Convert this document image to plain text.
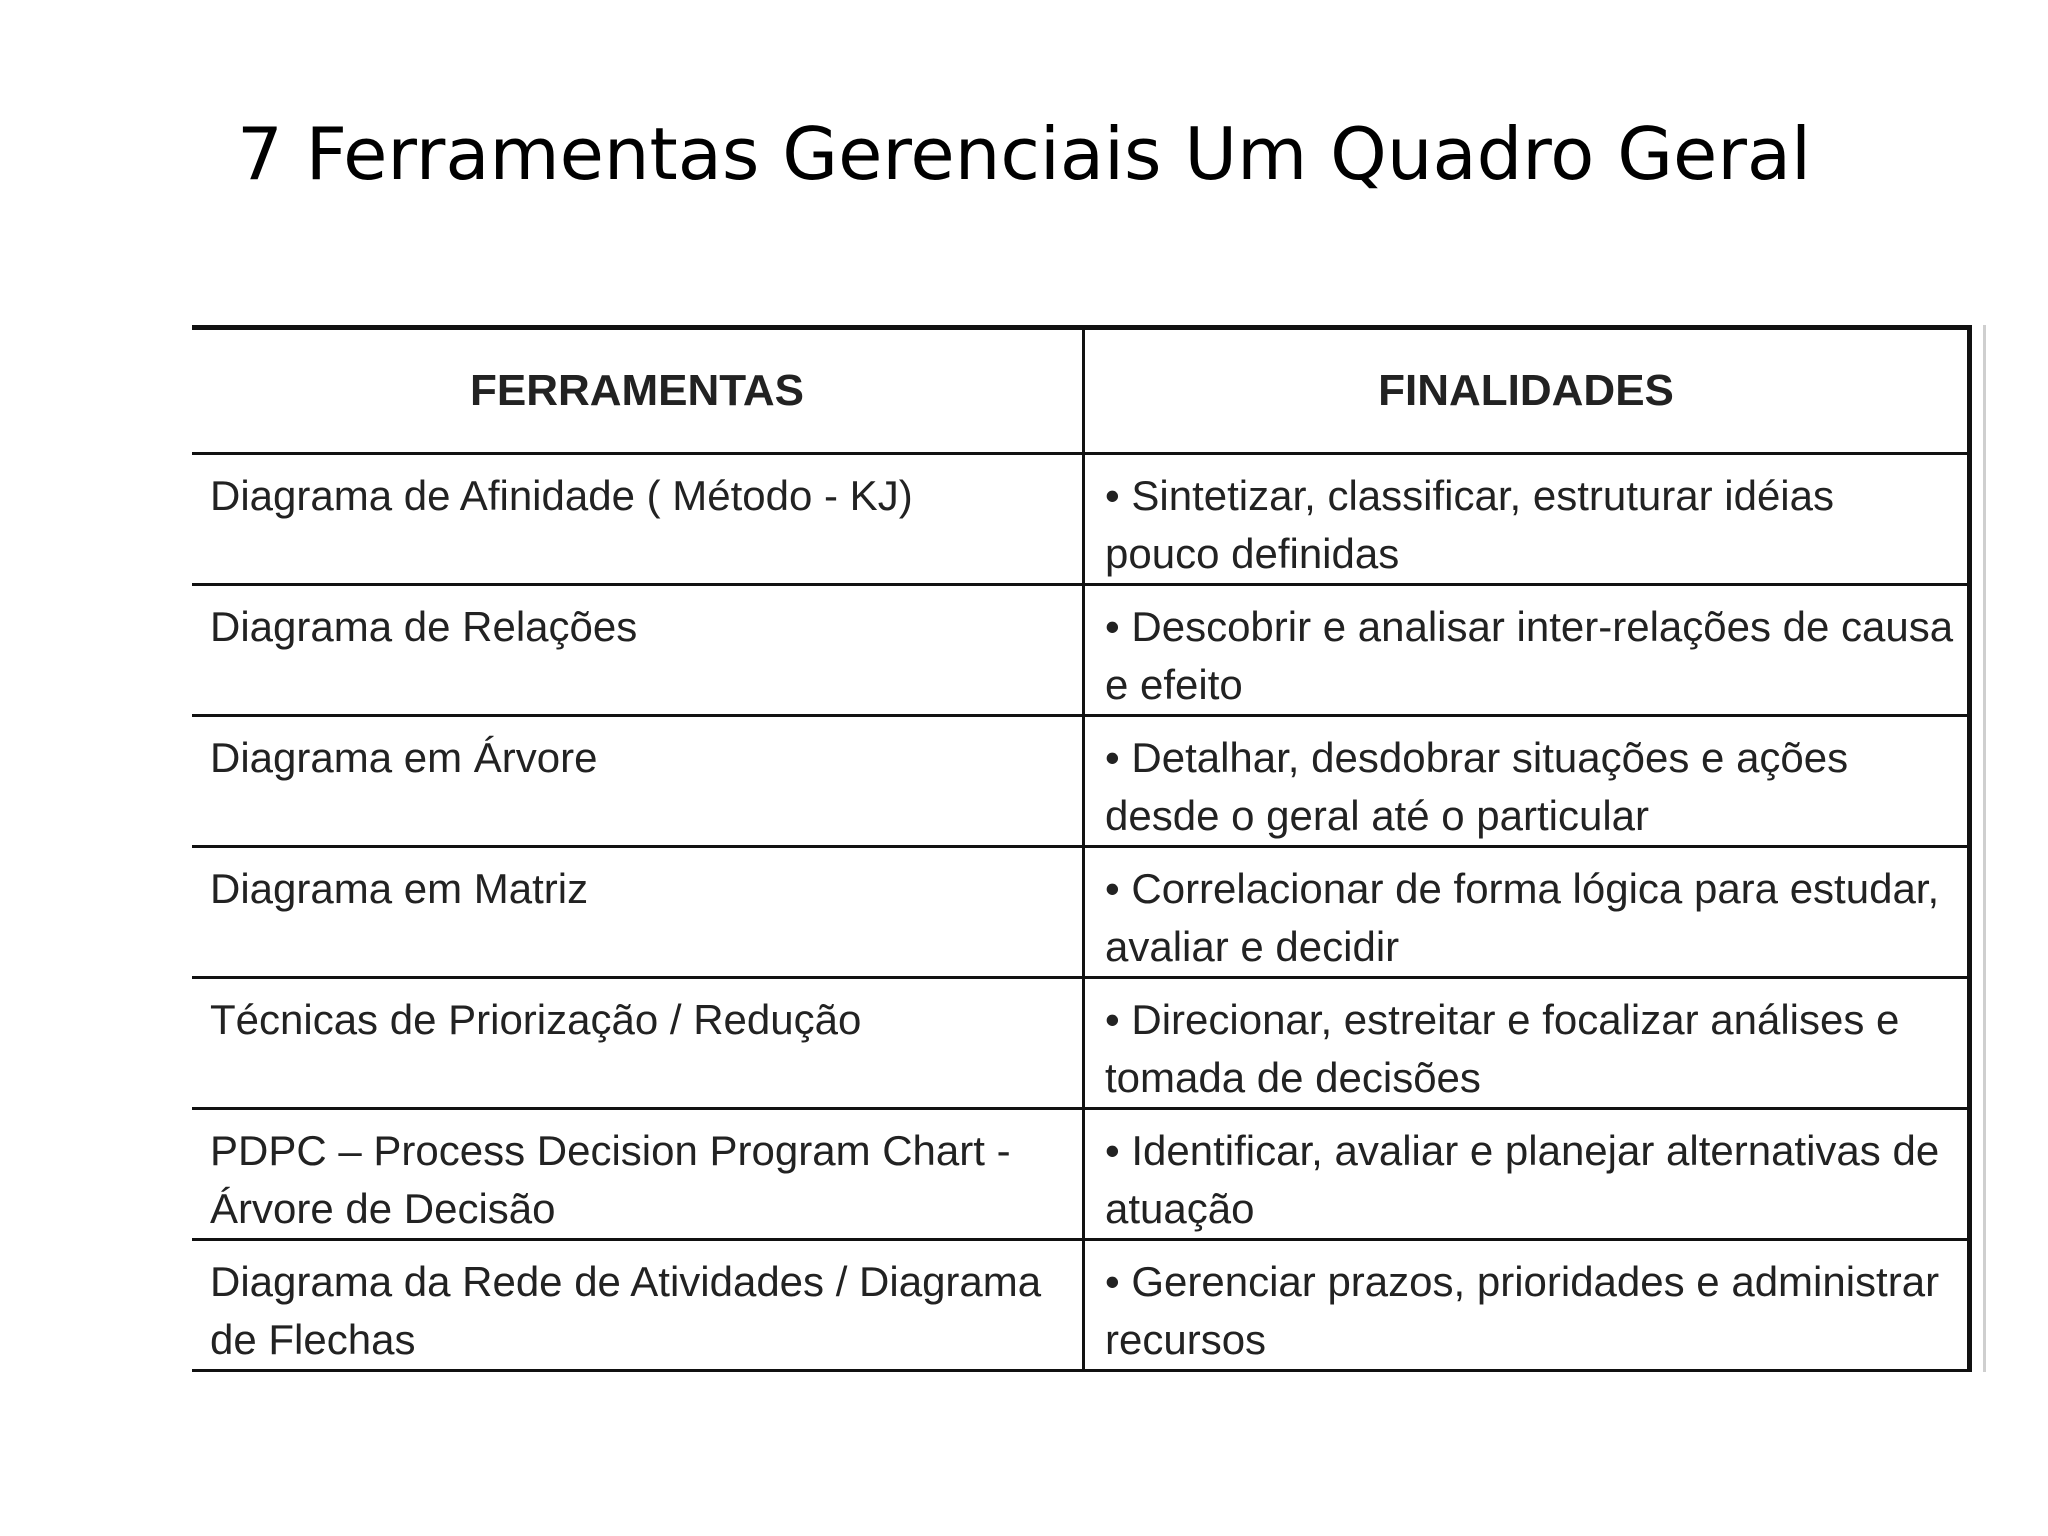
7 Ferramentas Gerenciais Um Quadro Geral
FERRAMENTAS	FINALIDADES
Diagrama de Afinidade ( Método - KJ)	• Sintetizar, classificar, estruturar idéias pouco definidas
Diagrama de Relações	• Descobrir e analisar inter-relações de causa e efeito
Diagrama em Árvore	• Detalhar, desdobrar situações e ações desde o geral até o particular
Diagrama em Matriz	• Correlacionar de forma lógica para estudar, avaliar e decidir
Técnicas de Priorização / Redução	• Direcionar, estreitar e focalizar análises e tomada de decisões
PDPC – Process Decision Program Chart - Árvore de Decisão	• Identificar, avaliar e planejar alternativas de atuação
Diagrama da Rede de Atividades / Diagrama de Flechas	• Gerenciar prazos, prioridades e administrar recursos
